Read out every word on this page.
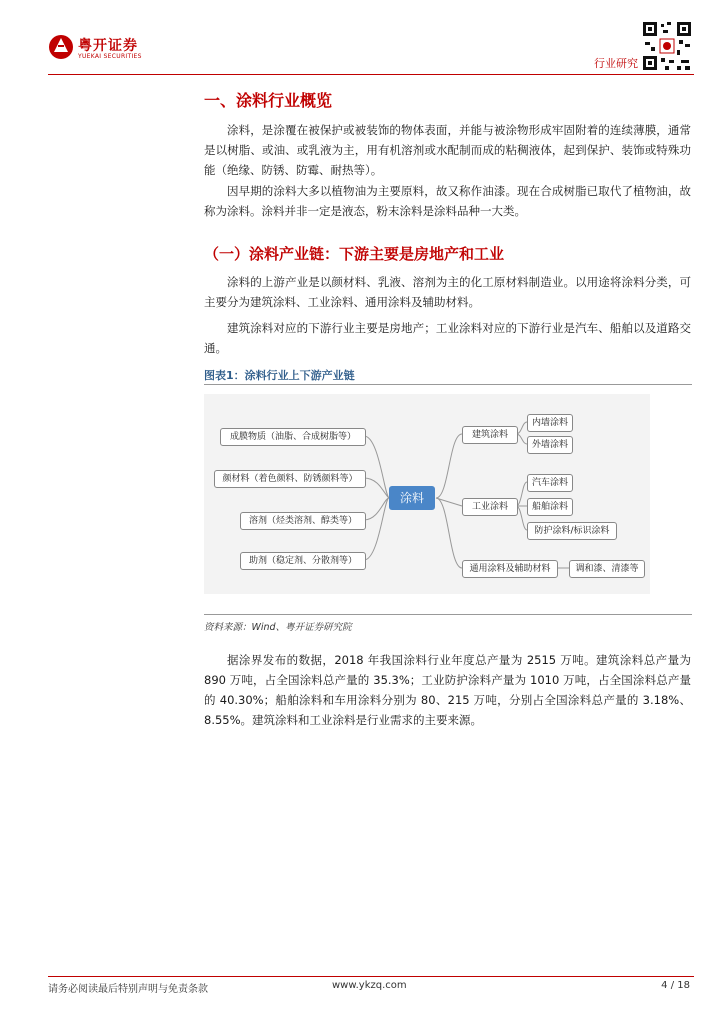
粤开证券
YUEKAI SECURITIES
行业研究
一、涂料行业概览
涂料，是涂覆在被保护或被装饰的物体表面，并能与被涂物形成牢固附着的连续薄膜，通常是以树脂、或油、或乳液为主，用有机溶剂或水配制而成的粘稠液体，起到保护、装饰或特殊功能（绝缘、防锈、防霉、耐热等）。
因早期的涂料大多以植物油为主要原料，故又称作油漆。现在合成树脂已取代了植物油，故称为涂料。涂料并非一定是液态，粉末涂料是涂料品种一大类。
（一）涂料产业链：下游主要是房地产和工业
涂料的上游产业是以颜材料、乳液、溶剂为主的化工原材料制造业。以用途将涂料分类，可主要分为建筑涂料、工业涂料、通用涂料及辅助材料。
建筑涂料对应的下游行业主要是房地产；工业涂料对应的下游行业是汽车、船舶以及道路交通。
图表1：涂料行业上下游产业链
成膜物质（油脂、合成树脂等）
颜材料（着色颜料、防锈颜料等）
溶剂（烃类溶剂、醇类等）
助剂（稳定剂、分散剂等）
涂料
建筑涂料
工业涂料
通用涂料及辅助材料
内墙涂料
外墙涂料
汽车涂料
船舶涂料
防护涂料/标识涂料
调和漆、清漆等
资料来源：Wind、粤开证券研究院
据涂界发布的数据，2018 年我国涂料行业年度总产量为 2515 万吨。建筑涂料总产量为 890 万吨，占全国涂料总产量的 35.3%；工业防护涂料产量为 1010 万吨，占全国涂料总产量的 40.30%；船舶涂料和车用涂料分别为 80、215 万吨，分别占全国涂料总产量的 3.18%、8.55%。建筑涂料和工业涂料是行业需求的主要来源。
请务必阅读最后特别声明与免责条款	www.ykzq.com	4 / 18
